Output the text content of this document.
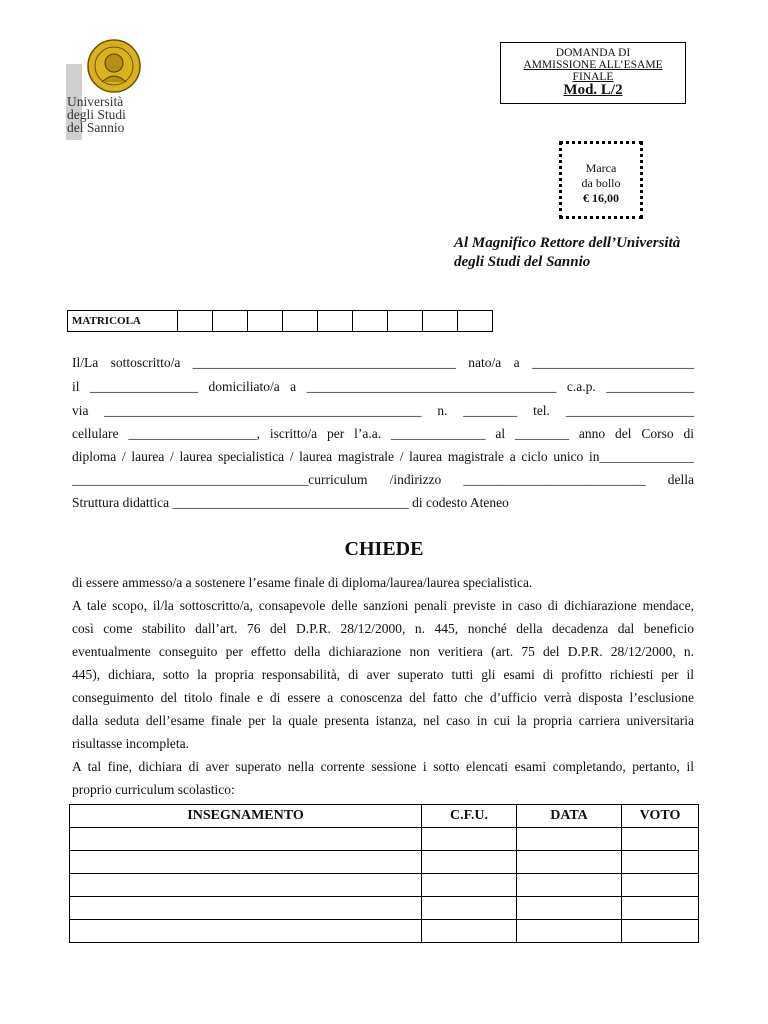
· · · · · · ·
Università
degli Studi
del Sannio
DOMANDA DI
AMMISSIONE ALL’ESAME
FINALE
Mod. L/2
Marca
da bollo
€ 16,00
Al Magnifico Rettore dell’Università
degli Studi del Sannio
MATRICOLA									
Il/La sottoscritto/a _______________________________________ nato/a a ________________________
il ________________ domiciliato/a a _____________________________________ c.a.p. _____________
via _______________________________________________ n. ________ tel. ___________________
cellulare ___________________, iscritto/a per l’a.a. ______________ al ________ anno del Corso di
diploma / laurea / laurea specialistica / laurea magistrale / laurea magistrale a ciclo unico in______________
___________________________________curriculum /indirizzo ___________________________ della
Struttura didattica ___________________________________ di codesto Ateneo
CHIEDE
di essere ammesso/a a sostenere l’esame finale di diploma/laurea/laurea specialistica.
A tale scopo, il/la sottoscritto/a, consapevole delle sanzioni penali previste in caso di dichiarazione mendace,
così come stabilito dall’art. 76 del D.P.R. 28/12/2000, n. 445, nonché della decadenza dal beneficio
eventualmente conseguito per effetto della dichiarazione non veritiera (art. 75 del D.P.R. 28/12/2000, n.
445), dichiara, sotto la propria responsabilità, di aver superato tutti gli esami di profitto richiesti per il
conseguimento del titolo finale e di essere a conoscenza del fatto che d’ufficio verrà disposta l’esclusione
dalla seduta dell’esame finale per la quale presenta istanza, nel caso in cui la propria carriera universitaria
risultasse incompleta.
A tal fine, dichiara di aver superato nella corrente sessione i sotto elencati esami completando, pertanto, il
proprio curriculum scolastico:
INSEGNAMENTO	C.F.U.	DATA	VOTO
